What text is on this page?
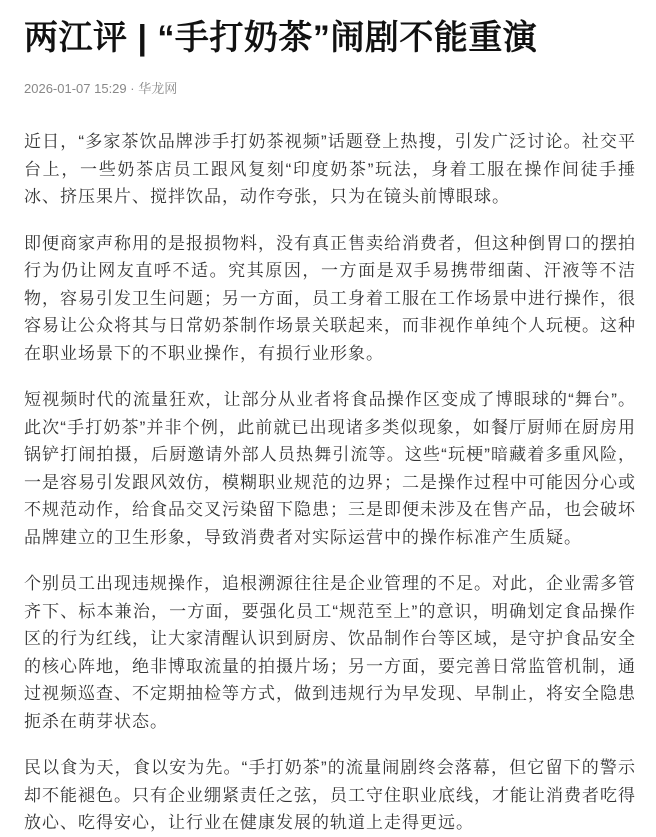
两江评 | “手打奶茶”闹剧不能重演
2026-01-07 15:29 · 华龙网

近日，“多家茶饮品牌涉手打奶茶视频”话题登上热搜，引发广泛讨论。社交平台上，一些奶茶店员工跟风复刻“印度奶茶”玩法，身着工服在操作间徒手捶冰、挤压果片、搅拌饮品，动作夸张，只为在镜头前博眼球。

即便商家声称用的是报损物料，没有真正售卖给消费者，但这种倒胃口的摆拍行为仍让网友直呼不适。究其原因，一方面是双手易携带细菌、汗液等不洁物，容易引发卫生问题；另一方面，员工身着工服在工作场景中进行操作，很容易让公众将其与日常奶茶制作场景关联起来，而非视作单纯个人玩梗。这种在职业场景下的不职业操作，有损行业形象。

短视频时代的流量狂欢，让部分从业者将食品操作区变成了博眼球的“舞台”。此次“手打奶茶”并非个例，此前就已出现诸多类似现象，如餐厅厨师在厨房用锅铲打闹拍摄，后厨邀请外部人员热舞引流等。这些“玩梗”暗藏着多重风险，一是容易引发跟风效仿，模糊职业规范的边界；二是操作过程中可能因分心或不规范动作，给食品交叉污染留下隐患；三是即便未涉及在售产品，也会破坏品牌建立的卫生形象，导致消费者对实际运营中的操作标准产生质疑。

个别员工出现违规操作，追根溯源往往是企业管理的不足。对此，企业需多管齐下、标本兼治，一方面，要强化员工“规范至上”的意识，明确划定食品操作区的行为红线，让大家清醒认识到厨房、饮品制作台等区域，是守护食品安全的核心阵地，绝非博取流量的拍摄片场；另一方面，要完善日常监管机制，通过视频巡查、不定期抽检等方式，做到违规行为早发现、早制止，将安全隐患扼杀在萌芽状态。

民以食为天，食以安为先。“手打奶茶”的流量闹剧终会落幕，但它留下的警示却不能褪色。只有企业绷紧责任之弦，员工守住职业底线，才能让消费者吃得放心、吃得安心，让行业在健康发展的轨道上走得更远。
